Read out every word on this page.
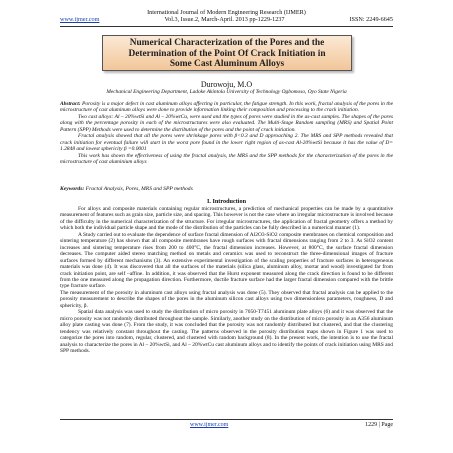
International Journal of Modern Engineering Research (IJMER)
www.ijmer.com	Vol.3, Issue.2, March-April. 2013 pp-1229-1237	ISSN: 2249-6645
Numerical Characterization of the Pores and the
Determination of the Point Of Crack Initiation in
Some Cast Aluminum Alloys
Durowoju, M.O
Mechanical Engineering Department, Ladoke Akintola University of Technology Ogbomoso, Oyo State Nigeria

Abstract: Porosity is a major defect in cast aluminum alloys affecting in particular, the fatigue strength. In this work, fractal analysis of the pores in the microstructure of cast aluminum alloys were done to provide information linking their composition and processing to the crack initiation.

Two cast alloys: Al – 20%wtSi and Al – 20%wtCu, were used and the types of pores were studied in the as-cast samples. The shapes of the pores along with the percentage porosity in each of the microstructures were also evaluated. The Multi-Stage Random sampling (MRS) and Spatial Point Pattern (SPP) Methods were used to determine the distribution of the pores and the point of crack initiation.

Fractal analysis showed that all the pores were shrinkage pores with β<0.3 and D approaching 2. The MRS and SPP methods revealed that crack initiation for eventual failure will start in the worst pore found in the lower right region of as-cast Al-20%wtSi because it has the value of D= 1.2848 and lowest sphericity β =0.0001

This work has shown the effectiveness of using the fractal analysis, the MRS and the SPP methods for the characterization of the pores in the microstructure of cast aluminium alloys

Keywords: Fractal Analysis, Pores, MRS and SPP methods
I. Introduction

For alloys and composite materials containing regular microstructures, a prediction of mechanical properties can be made by a quantitative measurement of features such as grain size, particle size, and spacing. This however is not the case where an irregular microstructure is involved because of the difficulty in the numerical characterization of the structure. For irregular microstructures, the application of fractal geometry offers a method by which both the individual particle shape and the mode of the distribution of the particles can be fully described in a numerical manner (1).

A Study carried out to evaluate the dependence of surface fractal dimension of Al2O3-SiO2 composite membranes on chemical composition and sintering temperature (2) has shown that all composite membranes have rough surfaces with fractal dimensions ranging from 2 to 3. As SiO2 content increases and sintering temperature rises from 200 to 400°C, the fractal dimension increases. However, at 800°C, the surface fractal dimension decreases. The computer aided stereo matching method on metals and ceramics was used to reconstruct the three-dimensional images of fracture surfaces formed by different mechanisms (3). An extensive experimental investigation of the scaling properties of fracture surfaces in heterogeneous materials was done (4). It was discovered that all the surfaces of the materials (silica glass, aluminum alloy, mortar and wood) investigated far from crack initiation point, are self –affine. In addition, it was observed that the Hurst exponent measured along the crack direction is found to be different from the one measured along the propagation direction. Furthermore, ductile fracture surface had the larger fractal dimension compared with the brittle type fracture surface.

The measurement of the porosity in aluminum cast alloys using fractal analysis was done (5). They observed that fractal analysis can be applied to the porosity measurement to describe the shapes of the pores in the aluminum silicon cast alloys using two dimensionless parameters, roughness, D and sphericity, β.

Spatial data analysis was used to study the distribution of micro porosity in 7050-T7451 aluminum plate alloys (6) and it was observed that the micro porosity was not randomly distributed throughout the sample. Similarly, another study on the distribution of micro porosity in an A356 aluminum alloy plate casting was done (7). From the study, it was concluded that the porosity was not randomly distributed but clustered, and that the clustering tendency was relatively constant throughout the casting. The patterns observed in the porosity distribution maps shown in Figure 1 was used to categorize the pores into random, regular, clustered, and clustered with random background (8). In the present work, the intention is to use the fractal analysis to characterize the pores in Al – 20%wtSi, and Al – 20%wtCu cast aluminum alloys and to identify the points of crack initiation using MRS and SPP methods.

www.ijmer.com	1229 | Page
